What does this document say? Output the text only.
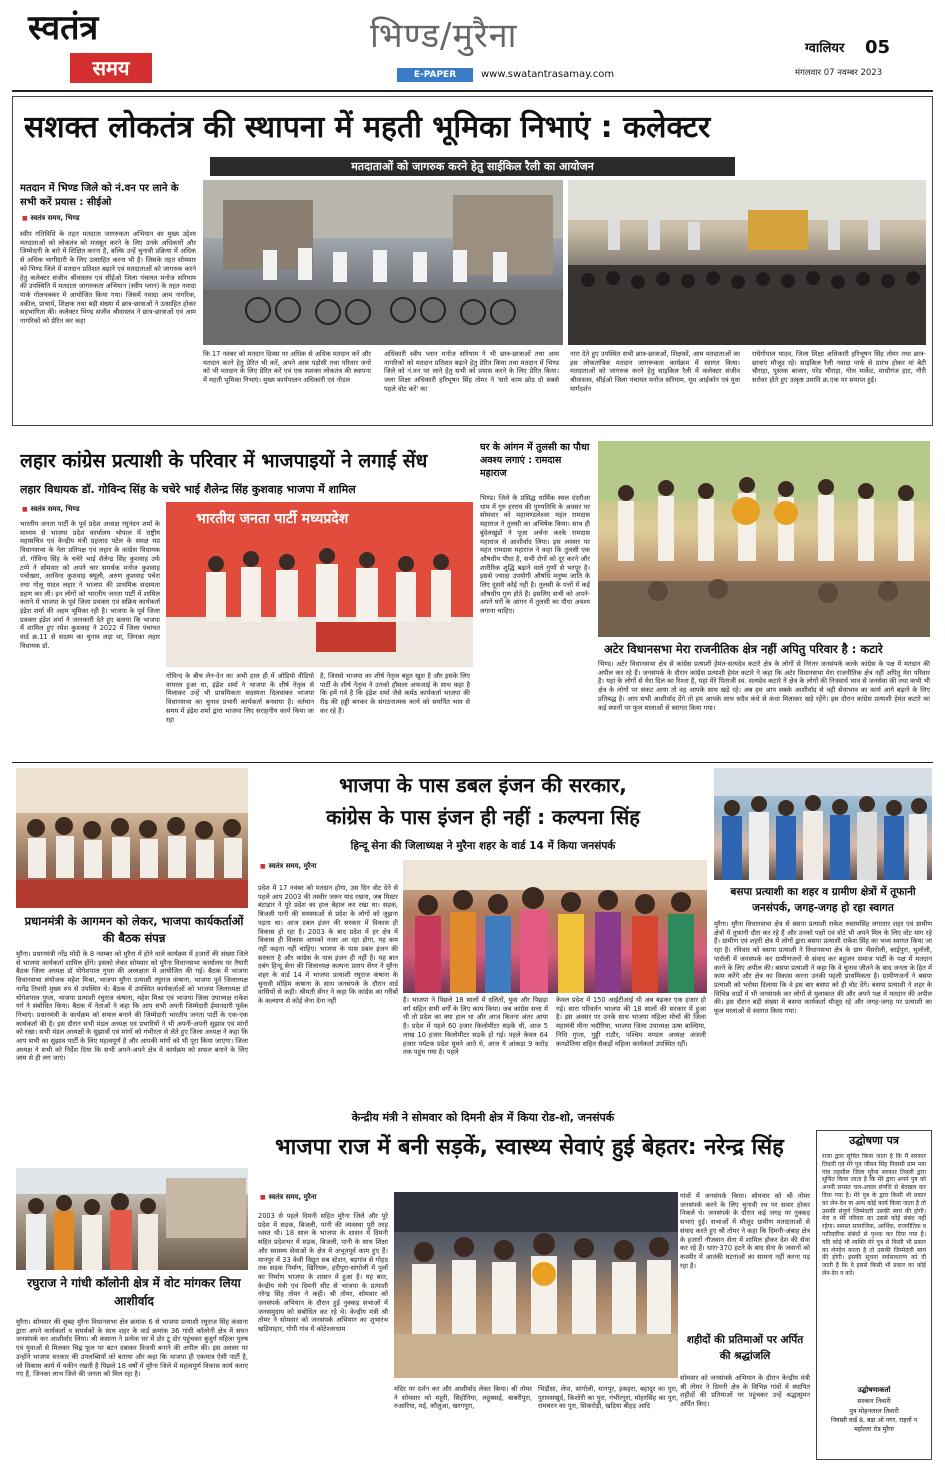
स्वतंत्र
समय
भिण्ड/मुरैना
E-PAPER	www.swatantrasamay.com
ग्वालियर 05
मंगलवार 07 नवम्बर 2023
सशक्त लोकतंत्र की स्थापना में महती भूमिका निभाएं : कलेक्टर
मतदाताओं को जागरुक करने हेतु साईकिल रैली का आयोजन
मतदान में भिण्ड जिले को नं.वन पर लाने के सभी करें प्रयास : सीईओ
■ स्वतंत्र समय, भिण्ड
स्वीप गतिविधि के तहत मतदाता जागरुकता अभियान का मुख्य उद्देश्य मतदाताओं को लोकतंत्र को मजबूत करने के लिए उनके अधिकारों और जिम्मेदारी के बारे में शिक्षित करना है, बल्कि उन्हें चुनावी प्रक्रिया में अधिक से अधिक भागीदारी के लिए उत्साहित करना भी है। जिसके तहत सोमवार को भिण्ड जिले में मतदान प्रतिशत बढ़ाने एवं मतदाताओं को जागरुक करने हेतु कलेक्टर संजीव श्रीवास्तव एवं सीईओ जिला पंचायत मनोज सरियाम की उपस्थिति में मतदाता जागरुकता अभियान (स्वीप प्लान) के तहत नवादा पार्क गोलचक्कर में आयोजित किया गया। जिसमें नवादा आम नागरिक, वकील, प्राचार्य, शिक्षक तथा बड़ी संख्या में छात्र-छात्राओं ने उत्साहित होकर सहभागिता की। कलेक्टर भिण्ड संजीव श्रीवास्तव ने छात्र-छात्राओं एवं आम नागरिकों को प्रेरित कर कहा
कि 17 नवंबर को मतदान दिवस पर अधिक से अधिक मतदान करें और मतदान करने हेतु प्रेरित भी करें, अपने आस पड़ोसी तथा परिवार जनों को भी मतदान के लिए प्रेरित करें एवं एक सशक्त लोकतंत्र की स्थापना में महती भूमिका निभाएं। मुख्य कार्यपालन अधिकारी एवं नोडल
अधिकारी स्वीप प्लान मनोज सरियाम ने भी छात्र-छात्राओं तथा आम नागरिकों को मतदान प्रतिशत बढ़ाने हेतु प्रेरित किया तथा मतदान में भिण्ड जिले को नं.वन पर लाने हेतु सभी को प्रयास करने के लिए प्रेरित किया। जला शिक्षा अधिकारी हरिभूषन सिंह तोमर ने 'सारे काम छोड़ दो सबसे पहले वोट करें' का
नारा देते हुए उपस्थित सभी छात्र-छात्राओं, शिक्षकों, आम मतदाताओं का इस लोकतांत्रिक मतदान जागरूकता कार्यक्रम में स्वागत किया। मतदाताओं को जागरुक करने हेतु साइकिल रैली में कलेक्टर संजीव श्रीवास्तव, सीईओ जिला पंचायत मनोज सरियाम, यूथ आईकॉन एवं युवा मार्गदर्शन
राघेगोपाल यादव, जिला शिक्षा अधिकारी हरिभूषन सिंह तोमर तथा छात्र-छात्राएं मौजूद रहे। साइकिल रैली नवादा पार्क से प्रारंभ होकर मां बेटी चौराहा, पुस्तक बाजार, परेड चौराहा, गोल मार्केट, माधौगंज हाट, गौरी सरोवर होते हुए उत्कृष्ट उमावि क्र.एक पर समाप्त हुई।
लहार कांग्रेस प्रत्याशी के परिवार में भाजपाइयों ने लगाई सेंध
लहार विधायक डॉ. गोविन्द सिंह के चचेरे भाई शैलेन्द्र सिंह कुशवाह भाजपा में शामिल
■ स्वतंत्र समय, भिण्ड
भारतीय जनता पार्टी के पूर्व प्रदेश अध्यक्ष रघुनंदन शर्मा के माध्यम से भाजपा प्रदेश कार्यालय भोपाल में राष्ट्रीय महासचिव एवं केन्द्रीय मंत्री प्रहलाद पटेल के समक्ष मप्र विधानसभा के नेता प्रतिपक्ष एवं लहार के कांग्रेस विधायक डॉ. गोविन्द सिंह के चचेरे भाई शैलेन्द्र सिंह कुशवाह उर्फ टप्पे ने सोमवार को अपने चार समर्थक मनोज कुशवाह पचोखरा, अरविन्द कुशवाह बघूली, अरुण कुशवाह पचेरा तथा गोलू यादव लहार ने भाजपा की प्राथमिक सदस्यता ग्रहण कर ली। इन लोगों को भारतीय जनता पार्टी में शामिल कराने में भाजपा के पूर्व जिला प्रवक्ता एवं सक्रिय कार्यकर्ता इंद्रेश शर्मा की अहम भूमिका रही है। भाजपा के पूर्व जिला प्रवक्ता इंद्रेश शर्मा ने जानकारी देते हुए बताया कि भाजपा में शामिल हुए रमेश कुशवाह ने 2022 में जिला पंचायत वार्ड क्र.11 से सदस्य का चुनाव लड़ा था, जिनका लहार विधायक डॉ.
भारतीय जनता पार्टी मध्यप्रदेश
गोविन्द के बीच लेन-देन का अभी हाल ही में ऑडियो वीडियो वायरल हुआ था, इंद्रेश शर्मा ने भाजपा के शीर्ष नेतृत्व से मिलाकर उन्हें भी प्राथमिकता सदस्यता दिलवाकर भाजपा विधानसभा का चुनाव प्रभारी कार्यकर्ता बनवाया है। वर्तमान समय में इंद्रेश शर्मा द्वारा भाजपा लिए सराहनीय कार्य किया जा रहा
है, जिससे भाजपा का शीर्ष नेतृत्व बहुत खुश है और इसके लिए पार्टी के शीर्ष नेतृत्व ने उनको हौसला अफजाई के साथ कहा है कि हमें गर्व है कि इंद्रेश शर्मा जैसे कर्मठ कार्यकर्ता भाजपा की रीढ़ की हड्डी बनकर के संगठनात्मक कार्य को समर्पित भाव से कर रहे हैं।
घर के आंगन में तुलसी का पौधा अवश्य लगाएं : रामदास महाराज
भिण्ड। जिले के प्रसिद्ध धार्मिक स्थल दंदरौआ धाम में गुरु हरराय की पुण्यतिथि के अवसर पर सोमवार को महामण्डलेश्वर महंत रामदास महाराज ने तुलसी का अभिषेक किया। साथ ही बुंदेलखुंडों ने पूजा अर्चना करके रामदास महाराज से आशीर्वाद लिया। इस अवसर पर महंत रामदास महाराज ने कहा कि तुलसी एक औषधीय पौधा है, सभी रोगों को दूर करने और शारीरिक शुद्धि बढ़ाने वाले गुणों से भरपूर है। इससे ज्यादा उपयोगी औषधि मनुष्य जाति के लिए दूसरी कोई नहीं है। तुलसी के पत्तों में कई औषधीय गुण होते हैं। इसलिए सभी को अपने-अपने घरों के आंगन में तुलसी का पौधा अवश्य लगाना चाहिए।
अटेर विधानसभा मेरा राजनीतिक क्षेत्र नहीं अपितु परिवार है : कटारे
भिण्ड। अटेर विधानसभा क्षेत्र से कांग्रेस प्रत्याशी हेमंत-सत्यदेव कटारे क्षेत्र के लोगों से निरंतर जनसंपर्क करके कांग्रेस के पक्ष में मतदान की अपील कर रहे हैं। जनसंपर्क के दौरान कांग्रेस प्रत्याशी हेमंत कटारे ने कहा कि अटेर विधानसभा मेरा राजनीतिक क्षेत्र नहीं अपितु मेरा परिवार है। यहां के लोगों से मेरा दिल का रिश्ता है, यहां मेरे पिताजी स्व. सत्यदेव कटारे ने क्षेत्र के लोगों की निःस्वार्थ भाव से जनसेवा की तथा कभी भी क्षेत्र के लोगों पर संकट आया तो वह आपके साथ खड़े रहे। अब हम आप सबके आशीर्वाद से वही सेवाभाव का कार्य आगे बढ़ाने के लिए प्रतिबद्ध है। आप सभी आशीर्वाद देंगे तो हम आपके साथ सदैव कंधे से कंधा मिलाकर खड़े रहेंगे। इस दौरान कांग्रेस प्रत्याशी हेमंत कटारे का कई स्थानों पर फूल मालाओं से स्वागत किया गया।
प्रधानमंत्री के आगमन को लेकर, भाजपा कार्यकर्ताओं की बैठक संपन्न
मुरैना। प्रधानमंत्री नरेंद्र मोदी के 8 नवम्बर को मुरैना में होने वाले कार्यक्रम में हजारों की संख्या जिले से भाजपा कार्यकर्ता शामिल होंगे। इसको लेकर सोमवार को मुरैना विधानसभा कार्यालय पर तैयारी बैठक जिला अध्यक्ष डॉ योगेशपाल गुप्ता की अध्यक्षता में आयोजित की गई। बैठक में भाजपा विधानसभा संयोजक महेश मिश्रा, भाजपा मुरैना प्रत्याशी रघुराज कंषाना, भाजपा पूर्व जिलाध्यक्ष नागेंद्र तिवारी मुख्य रुप से उपस्थित थे। बैठक में उपस्थित कार्यकर्ताओं को भाजपा जिलाध्यक्ष डॉ योगेशपाल गुप्ता, भाजपा प्रत्याशी रघुराज कंषाना, महेश मिश्रा एवं भाजपा जिला उपाध्यक्ष राकेश गर्ग ने संबोधित किया। बैठक में नेताओं ने कहा कि आप सभी अपनी जिम्मेदारी ईमानदारी पूर्वक निभाएं। प्रधानमंत्री के कार्यक्रम को सफल बनाने की जिम्मेदारी भारतीय जनता पार्टी के एक-एक कार्यकर्ता की है। इस दौरान सभी मंडल अध्यक्ष एवं प्रभारियों ने भी अपनी-अपनी सुझाव एवं मांगों को रखा। सभी मंडल अध्यक्षों के सुझावों एवं मांगों को गंभीरता से लेते हुए जिला अध्यक्ष ने कहा कि आप सभी का सुझाव पार्टी के लिए महत्वपूर्ण है और आपकी मांगों को भी पूरा किया जाएगा। जिला अध्यक्ष ने सभी को निर्देश दिया कि सभी अपने-अपने क्षेत्र में कार्यक्रम को सफल बनाने के लिए जाम से ही लग जाएं।
भाजपा के पास डबल इंजन की सरकार,
कांग्रेस के पास इंजन ही नहीं : कल्पना सिंह
हिन्दू सेना की जिलाध्यक्ष ने मुरैना शहर के वार्ड 14 में किया जनसंपर्क
■ स्वतंत्र समय, मुरैना
प्रदेश में 17 नवंबर को मतदान होगा, उस दिन वोट देने से पहले आप 2003 की तस्वीर जरूर याद रखना, जब मिस्टर बंटाढार ने पूरे प्रदेश का हाल बेहाल कर रखा था। सड़क, बिजली पानी की समस्याओं से प्रदेश के लोगों को जूझना पड़ता था। आज डबल इंजन की सरकार में विकास ही विकास हो रहा है। 2003 के बाद प्रदेश में हर क्षेत्र में विकास ही विकास आपको नजर आ रहा होगा, यह कम नहीं कहना नहीं चाहिए। भाजपा के पास डबल इंजन की सरकार है और कांग्रेस के पास इंजन ही नहीं है। यह बात दबंग हिन्दू सेना की जिलाध्यक्ष कल्पना प्रताप सेंगर ने मुरैना शहर के वार्ड 14 में भाजपा प्रत्याशी रघुराज कंषाना के चुनावी मोहिम कंषाना के साथ जनसंपर्क के दौरान वार्ड वासियों से कही। श्रीमती सेंगर ने कहा कि कांग्रेस का गरीबों के कल्याण से कोई लेना देना नहीं	है। भाजपा ने पिछले 18 सालों में दलितों, युवा और पिछड़ा वर्ग सहित सभी वर्गों के लिए काम किया। जब कांग्रेस सत्ता में थी तो प्रदेश का क्या हाल था और आज कितना अंतर आया है। प्रदेश में पहले 60 हजार किलोमीटर सड़कें थी, आज 5 लाख 10 हजार किलोमीटर सड़कें हो गई। पहले केवल 64 हजार पर्यटक प्रदेश घूमने आते थे, आज ये आंकड़ा 9 करोड़ तक पहुंच गया है। पहले
केवल प्रदेश में 150 आईटीआई थी अब बढ़कर एक हजार हो गई। सारा परिवर्तन भाजपा की 18 सालों की सरकार में हुआ है। इस अवसर पर उनके साथ भाजपा महिला मोर्चा की जिला महामंत्री मीना भदौरिया, भाजपा जिला उपाध्यक्ष ऊषा बाल्दिया, निधि गुप्ता, गुड्डी राठौर, पश्चिम मण्डल अध्यक्ष अंजली कण्डोतिया सहित सैकड़ों महिला कार्यकर्ता उपस्थित रहीं।
बसपा प्रत्याशी का शहर व ग्रामीण क्षेत्रों में तूफानी जनसंपर्क, जगह-जगह हो रहा स्वागत
मुरैना। मुरैना विधानसभा क्षेत्र से बसपा प्रत्याशी राकेश रुस्तमसिंह लगातार शहर एवं ग्रामीण क्षेत्रों में तूफानी दौरा कर रहे हैं और उनको पक्षों एवं वोटे भी अपने मिल के लिए वोट मांग रहे हैं। ग्रामीण एवं शहरी क्षेत्र में लोगों द्वारा बसपा प्रत्याशी राकेश सिंह का भव्य स्वागत किया जा रहा है। रविवार को बसपा प्रत्याशी ने विधानसभा क्षेत्र के ग्राम भैंसरोली, बरईपुरा, भुलोली, पारोली में जनसंपर्क कर ग्रामीणजनों से संवाद कर बहुजन समाज पार्टी के पक्ष में मतदान करने के लिए अपील की। बसपा प्रत्याशी ने कहा कि वे चुनाव जीतने के बाद जनता के हित में काम करेंगे और क्षेत्र का विकास करना उनकी पहली प्राथमिकता है। ग्रामीणजनों ने बसपा प्रत्याशी को भरोसा दिलाया कि वे इस बार बसपा को ही वोट देंगे। बसपा प्रत्याशी ने शहर के विभिन्न वार्डों में भी जनसंपर्क कर लोगों से मुलाकात की और अपने पक्ष में मतदान की अपील की। इस दौरान बड़ी संख्या में बसपा कार्यकर्ता मौजूद रहे और जगह-जगह पर प्रत्याशी का फूल मालाओं से स्वागत किया गया।
केन्द्रीय मंत्री ने सोमवार को दिमनी क्षेत्र में किया रोड-शो, जनसंपर्क
भाजपा राज में बनी सड़कें, स्वास्थ्य सेवाएं हुई बेहतर: नरेन्द्र सिंह
■ स्वतंत्र समय, मुरैना
2003 से पहले दिमनी सहित मुरैना जिले और पूरे प्रदेश में सड़क, बिजली, पानी की व्यवस्था पूरी तरह ध्वस्त थी। 18 साल के भाजपा के शासन में दिमनी सहित प्रदेशभर में सड़क, बिजली, पानी के साथ शिक्षा और स्वास्थ्य सेवाओं के क्षेत्र में अभूतपूर्व काम हुए हैं। मानपुर में 33 केवी विद्युत सब स्टेशन, बड़गांव से गोहद तक सड़क निर्माण, खिरियरू, हरीपुरा-सांगोली में पुलों का निर्माण भाजपा के शासन में हुआ है। यह बात, केन्द्रीय मंत्री एवं दिमनी सीट से भाजपा के प्रत्याशी नरेन्द्र सिंह तोमर ने कही। श्री तोमर, सोमवार को जनसंपर्क अभियान के दौरान हुई नुक्कड़ सभाओं में जनसमुदाय को संबोधित कर रहे थे। केन्द्रीय मंत्री श्री तोमर ने सोमवार को जनसंपर्क अभियान का शुभारंभ खड़ियाहार, गोपी गांव में कोटेश्वरधाम
मंदिर पर दर्शन कर और आशीर्वाद लेकर किया। श्री तोमर ने सोमवार को महुरी, सिहोनिया, लहुबसई, बाबरीपुरा, रुआरिया, मई, कौलुआ, खरगपुरा,
भिड़ौसा, लेपा, सांगोली, मानपुर, इकहरा, बहादुर का पुरा, पुरावसखुर्द, किशोरी का पुरा, गंभीरपुरा, मोहरसिंह का पुरा, रामचरन का पुरा, सिकरोड़ी, खड़िया बीहड़ आदि
गांवों में जनसंपर्क किया। सोमवार को श्री तोमर जनसंपर्क करने के लिए चुनावी रथ पर सवार होकर निकले थे। जनसंपर्क के दौरान कई जगह पर नुक्कड़ सभाएं हुईं। सभाओं में मौजूद ग्रामीण मतदाताओं से संवाद करते हुए श्री तोमर ने कहा कि दिमनी-अंबाह क्षेत्र के हजारों नौजवान सेना में शामिल होकर देश की सेवा कर रहे हैं। धारा-370 हटने के बाद सेना के जवानों को कश्मीर में आतंकी घटनाओं का सामना नहीं करना पड़ रहा है।
शहीदों की प्रतिमाओं पर अर्पित की श्रद्धांजलि
सोमवार को जनसंपर्क अभियान के दौरान केन्द्रीय मंत्री श्री तोमर ने दिमनी क्षेत्र के विभिन्न गांवों में स्थापित शहीदों की प्रतिमाओं पर पहुंचकर उन्हें श्रद्धासुमन अर्पित किए।
रघुराज ने गांधी कॉलोनी क्षेत्र में वोट मांगकर लिया आशीर्वाद
मुरैना। सोमवार की सुबह मुरैना विधानसभा क्षेत्र क्रमांक 6 से भाजपा प्रत्याशी रघुराज सिंह कंसाना द्वारा अपने कार्यकर्ता व समर्थकों के साथ शहर के वार्ड क्रमांक 36 गांधी कॉलोनी क्षेत्र में सघन जनसंपर्क कर आशीर्वाद लिया। श्री कंसाना ने प्रत्येक घर में डोर टू डोर पहुंचकर बुजुर्ग महिला पुरुष एवं युवाओं से मिलकर चिह्न फूल पर बटन दबाकर विजयी बनाने की अपील की। इस अवसर पर उन्होंने भाजपा सरकार की उपलब्धियों को बताया और कहा कि भाजपा ही एकमात्र ऐसी पार्टी है, जो विकास कार्य में यकीन रखती है पिछले 18 वर्षों में मुरैना जिले में महत्वपूर्ण विकास कार्य कराए गए हैं, जिनका लाभ जिले की जनता को मिल रहा है।
उद्घोषणा पत्र
राजा द्वारा सूचित किया जाता है कि मैं सरकार तिवारी एवं मेरे पुत्र जीवन सिंह निवासी ग्राम नया गांव तहसील जिला मुरैना सरकार तिवारी द्वारा सूचित किया जाता है कि मेरे द्वारा अपने पुत्र को अपनी समस्त चल-अचल संपत्ति से बेदखल कर दिया गया है। मेरे पुत्र के द्वारा किसी भी प्रकार का लेन-देन या अन्य कोई कार्य किया जाता है तो उसकी संपूर्ण जिम्मेदारी उसकी स्वयं की होगी। मेरा व मेरे परिवार का उससे कोई संबंध नहीं रहेगा। समस्त सामाजिक, आर्थिक, राजनीतिक व पारिवारिक संबंधों से पृथक कर दिया गया है। यदि कोई भी व्यक्ति मेरे पुत्र से किसी भी प्रकार का लेनदेन करता है तो उसकी जिम्मेदारी स्वयं की होगी। इसकी सूचना सर्वसाधारण को दी जाती है कि वे इससे किसी भी प्रकार का कोई लेन-देन न करें।
उद्घोषणाकर्ता
सरकार तिवारी
पुत्र मोहनलाल तिवारी
निवासी वार्ड 8, बड़ा ओ नगर, राहतों न मर्हाल्ला रोड मुरैना
